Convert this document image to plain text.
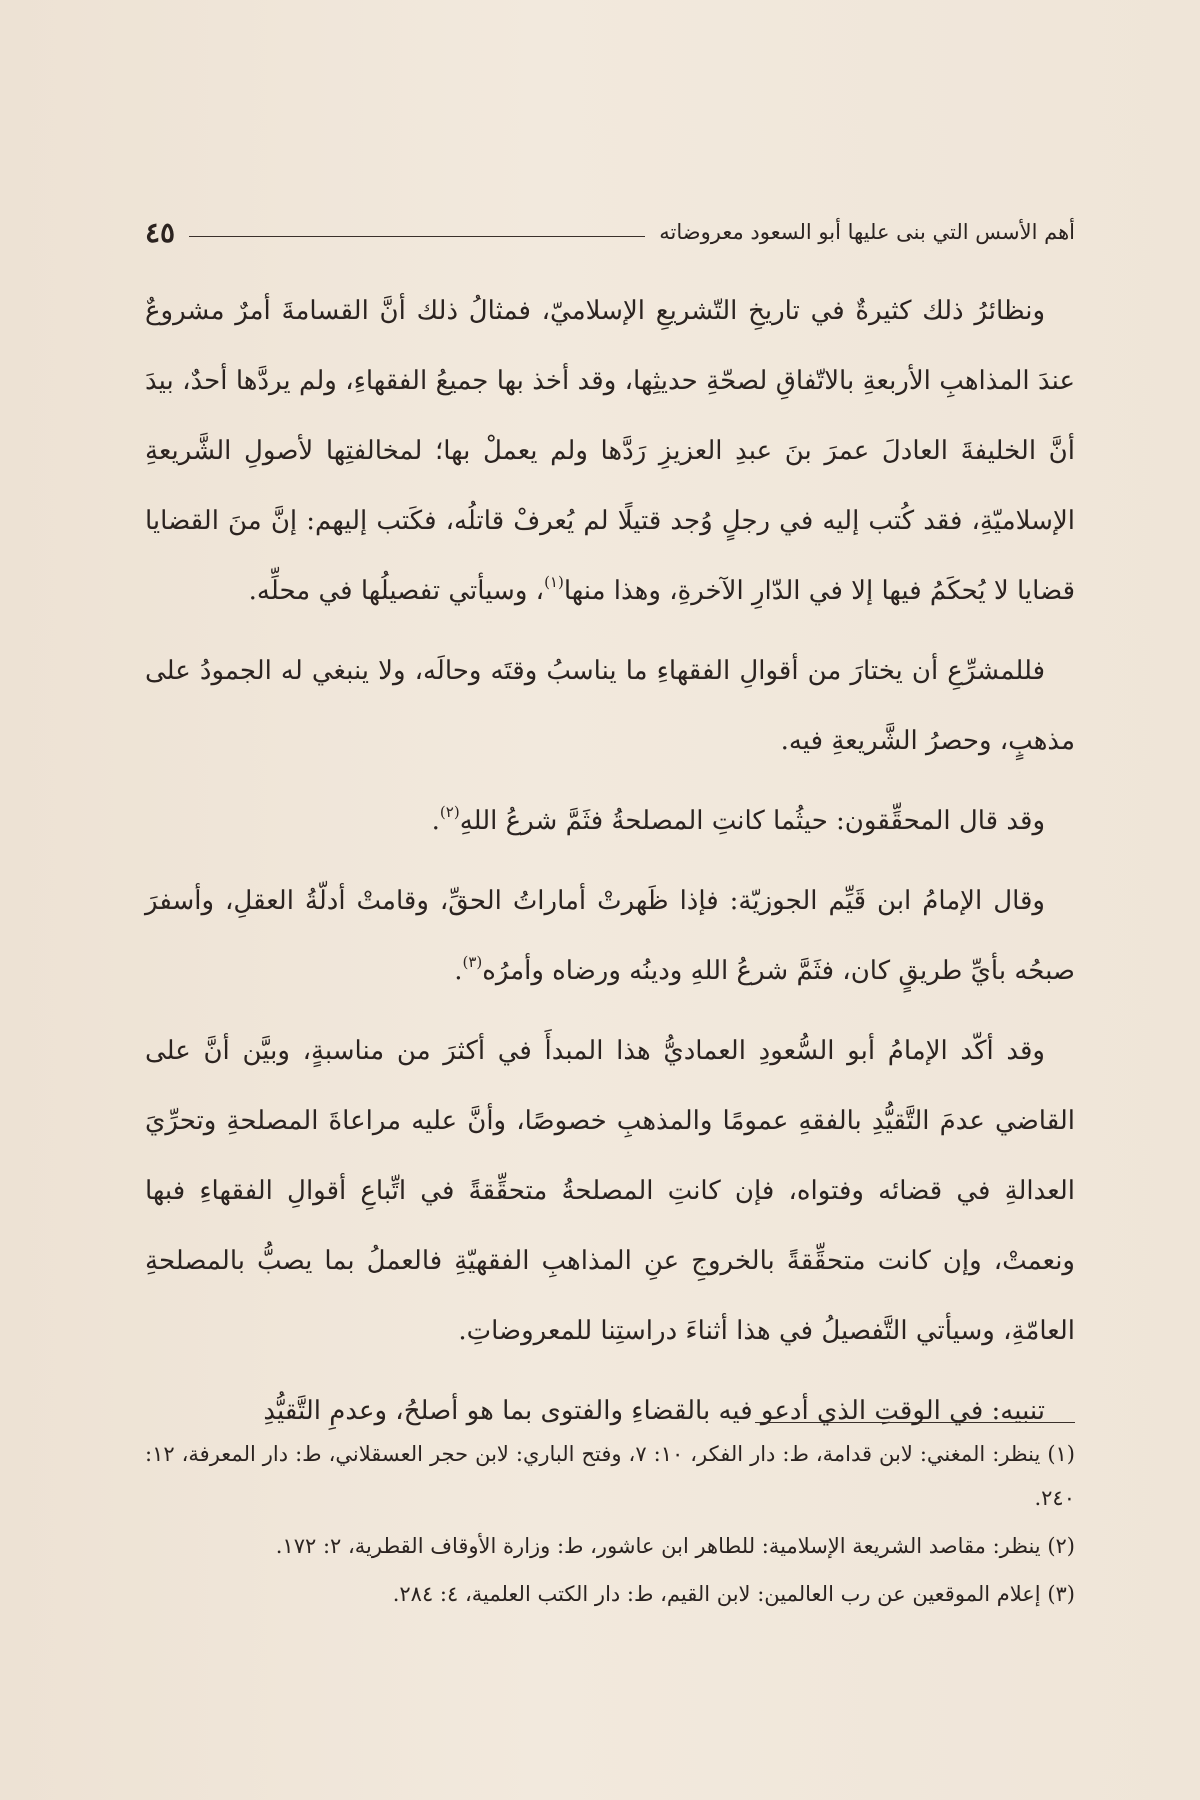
أهم الأسس التي بنى عليها أبو السعود معروضاته
٤٥

ونظائرُ ذلك كثيرةٌ في تاريخِ التّشريعِ الإسلاميّ، فمثالُ ذلك أنَّ القسامةَ أمرٌ مشروعٌ عندَ المذاهبِ الأربعةِ بالاتّفاقِ لصحّةِ حديثِها، وقد أخذ بها جميعُ الفقهاءِ، ولم يردَّها أحدٌ، بيدَ أنَّ الخليفةَ العادلَ عمرَ بنَ عبدِ العزيزِ رَدَّها ولم يعملْ بها؛ لمخالفتِها لأصولِ الشَّريعةِ الإسلاميّةِ، فقد كُتب إليه في رجلٍ وُجد قتيلًا لم يُعرفْ قاتلُه، فكَتب إليهم: إنَّ منَ القضايا قضايا لا يُحكَمُ فيها إلا في الدّارِ الآخرةِ، وهذا منها$^{(١)}$، وسيأتي تفصيلُها في محلِّه.

فللمشرِّعِ أن يختارَ من أقوالِ الفقهاءِ ما يناسبُ وقتَه وحالَه، ولا ينبغي له الجمودُ على مذهبٍ، وحصرُ الشَّريعةِ فيه.

وقد قال المحقِّقون: حيثُما كانتِ المصلحةُ فثَمَّ شرعُ اللهِ$^{(٢)}$.

وقال الإمامُ ابن قَيِّم الجوزيّة: فإذا ظَهرتْ أماراتُ الحقِّ، وقامتْ أدلّةُ العقلِ، وأسفرَ صبحُه بأيِّ طريقٍ كان، فثَمَّ شرعُ اللهِ ودينُه ورضاه وأمرُه$^{(٣)}$.

وقد أكّد الإمامُ أبو السُّعودِ العماديُّ هذا المبدأَ في أكثرَ من مناسبةٍ، وبيَّن أنَّ على القاضي عدمَ التَّقيُّدِ بالفقهِ عمومًا والمذهبِ خصوصًا، وأنَّ عليه مراعاةَ المصلحةِ وتحرِّيَ العدالةِ في قضائه وفتواه، فإن كانتِ المصلحةُ متحقِّقةً في اتِّباعِ أقوالِ الفقهاءِ فبها ونعمتْ، وإن كانت متحقِّقةً بالخروجِ عنِ المذاهبِ الفقهيّةِ فالعملُ بما يصبُّ بالمصلحةِ العامّةِ، وسيأتي التَّفصيلُ في هذا أثناءَ دراستِنا للمعروضاتِ.

تنبيه: في الوقتِ الذي أدعو فيه بالقضاءِ والفتوى بما هو أصلحُ، وعدمِ التَّقيُّدِ

(١) ينظر: المغني: لابن قدامة، ط: دار الفكر، ١٠: ٧، وفتح الباري: لابن حجر العسقلاني، ط: دار المعرفة، ١٢: ٢٤٠.

(٢) ينظر: مقاصد الشريعة الإسلامية: للطاهر ابن عاشور، ط: وزارة الأوقاف القطرية، ٢: ١٧٢.

(٣) إعلام الموقعين عن رب العالمين: لابن القيم، ط: دار الكتب العلمية، ٤: ٢٨٤.
